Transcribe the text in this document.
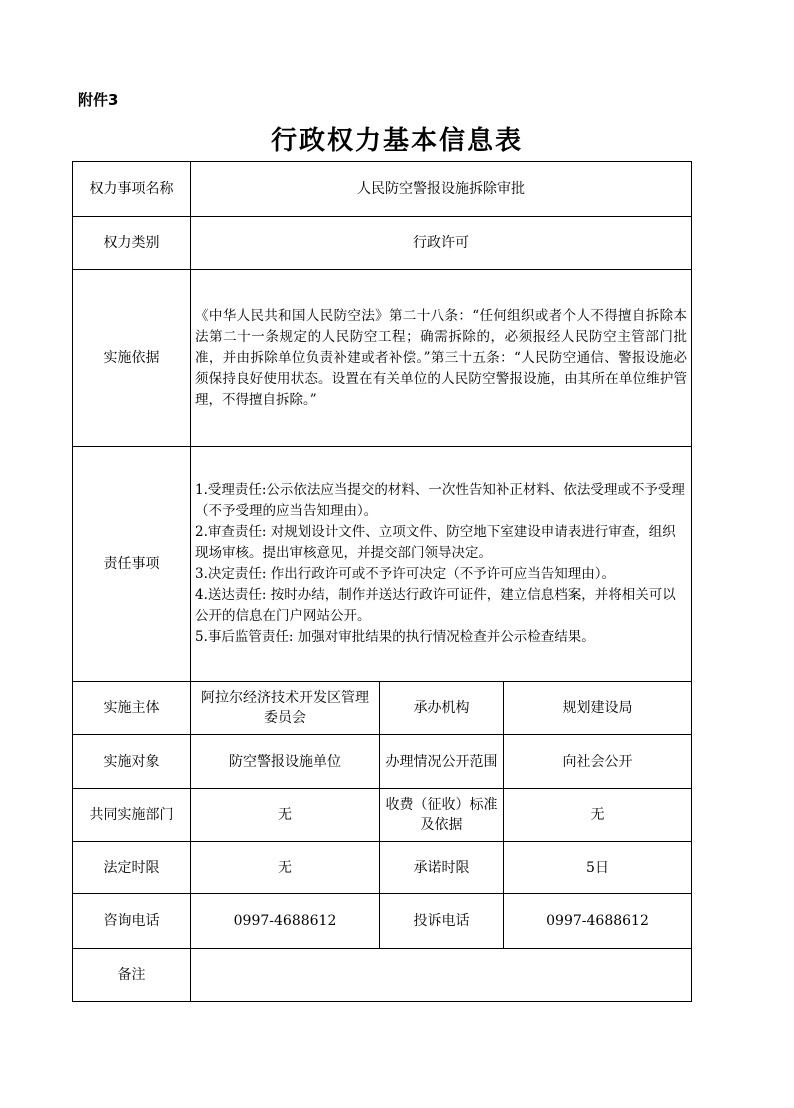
附件3
行政权力基本信息表
权力事项名称	人民防空警报设施拆除审批		
权力类别	行政许可		
实施依据	《中华人民共和国人民防空法》第二十八条：“任何组织或者个人不得擅自拆除本法第二十一条规定的人民防空工程；确需拆除的，必须报经人民防空主管部门批准，并由拆除单位负责补建或者补偿。”第三十五条：“人民防空通信、警报设施必须保持良好使用状态。设置在有关单位的人民防空警报设施，由其所在单位维护管理，不得擅自拆除。”		

责任事项	1.受理责任:公示依法应当提交的材料、一次性告知补正材料、依法受理或不予受理（不予受理的应当告知理由）。

2.审查责任: 对规划设计文件、立项文件、防空地下室建设申请表进行审查，组织现场审核。提出审核意见，并提交部门领导决定。

3.决定责任: 作出行政许可或不予许可决定（不予许可应当告知理由）。

4.送达责任: 按时办结，制作并送达行政许可证件，建立信息档案，并将相关可以公开的信息在门户网站公开。

5.事后监管责任: 加强对审批结果的执行情况检查并公示检查结果。		

实施主体	阿拉尔经济技术开发区管理委员会	承办机构	规划建设局
实施对象	防空警报设施单位	办理情况公开范围	向社会公开
共同实施部门	无	收费（征收）标准及依据	无
法定时限	无	承诺时限	5日
咨询电话	0997-4688612	投诉电话	0997-4688612
备注			
